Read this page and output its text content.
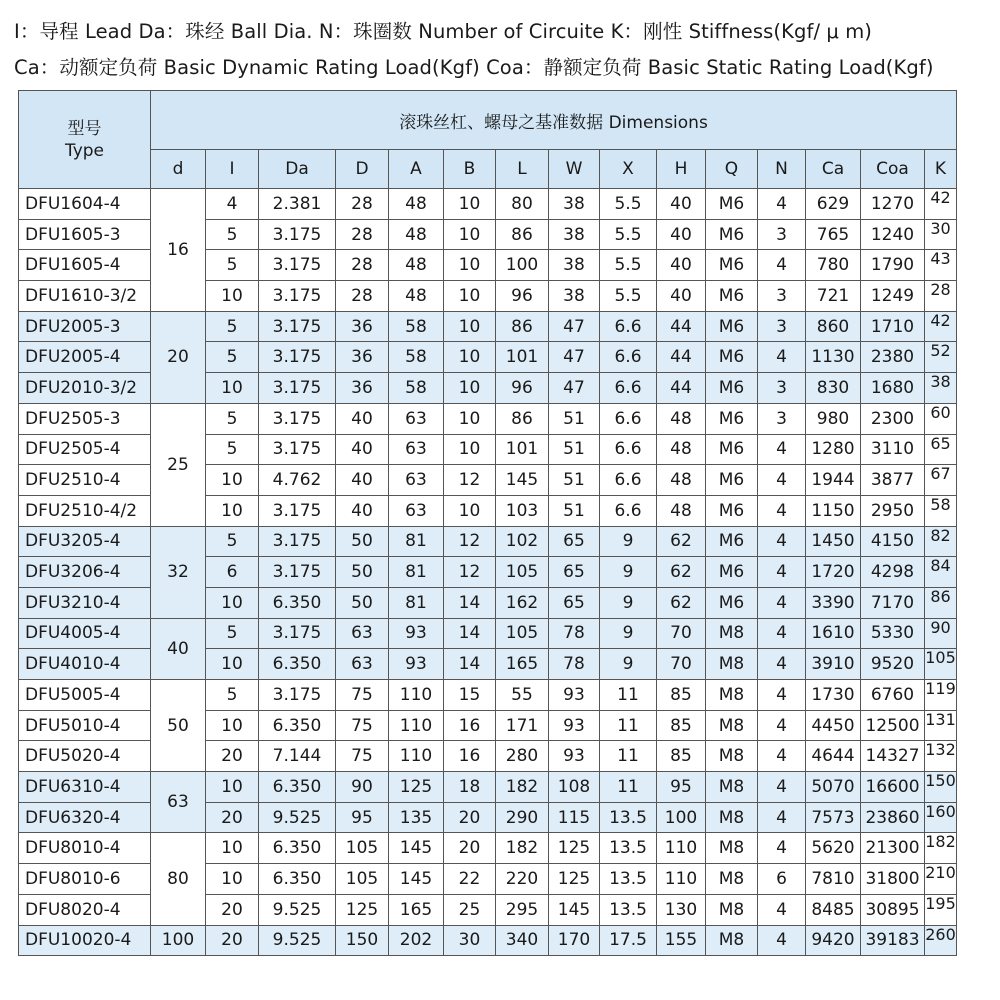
I：导程 Lead Da：珠经 Ball Dia. N：珠圈数 Number of Circuite K：刚性 Stiffness(Kgf/ μ m)
Ca：动额定负荷 Basic Dynamic Rating Load(Kgf) Coa：静额定负荷 Basic Static Rating Load(Kgf)
型号
Type	滚珠丝杠、螺母之基准数据 Dimensions														
	d	I	Da	D	A	B	L	W	X	H	Q	N	Ca	Coa	K
DFU1604-4	16	4	2.381	28	48	10	80	38	5.5	40	M6	4	629	1270	42
DFU1605-3		5	3.175	28	48	10	86	38	5.5	40	M6	3	765	1240	30
DFU1605-4		5	3.175	28	48	10	100	38	5.5	40	M6	4	780	1790	43
DFU1610-3/2		10	3.175	28	48	10	96	38	5.5	40	M6	3	721	1249	28
DFU2005-3	20	5	3.175	36	58	10	86	47	6.6	44	M6	3	860	1710	42
DFU2005-4		5	3.175	36	58	10	101	47	6.6	44	M6	4	1130	2380	52
DFU2010-3/2		10	3.175	36	58	10	96	47	6.6	44	M6	3	830	1680	38
DFU2505-3	25	5	3.175	40	63	10	86	51	6.6	48	M6	3	980	2300	60
DFU2505-4		5	3.175	40	63	10	101	51	6.6	48	M6	4	1280	3110	65
DFU2510-4		10	4.762	40	63	12	145	51	6.6	48	M6	4	1944	3877	67
DFU2510-4/2		10	3.175	40	63	10	103	51	6.6	48	M6	4	1150	2950	58
DFU3205-4	32	5	3.175	50	81	12	102	65	9	62	M6	4	1450	4150	82
DFU3206-4		6	3.175	50	81	12	105	65	9	62	M6	4	1720	4298	84
DFU3210-4		10	6.350	50	81	14	162	65	9	62	M6	4	3390	7170	86
DFU4005-4	40	5	3.175	63	93	14	105	78	9	70	M8	4	1610	5330	90
DFU4010-4		10	6.350	63	93	14	165	78	9	70	M8	4	3910	9520	105
DFU5005-4	50	5	3.175	75	110	15	55	93	11	85	M8	4	1730	6760	119
DFU5010-4		10	6.350	75	110	16	171	93	11	85	M8	4	4450	12500	131
DFU5020-4		20	7.144	75	110	16	280	93	11	85	M8	4	4644	14327	132
DFU6310-4	63	10	6.350	90	125	18	182	108	11	95	M8	4	5070	16600	150
DFU6320-4		20	9.525	95	135	20	290	115	13.5	100	M8	4	7573	23860	160
DFU8010-4	80	10	6.350	105	145	20	182	125	13.5	110	M8	4	5620	21300	182
DFU8010-6		10	6.350	105	145	22	220	125	13.5	110	M8	6	7810	31800	210
DFU8020-4		20	9.525	125	165	25	295	145	13.5	130	M8	4	8485	30895	195
DFU10020-4	100	20	9.525	150	202	30	340	170	17.5	155	M8	4	9420	39183	260
